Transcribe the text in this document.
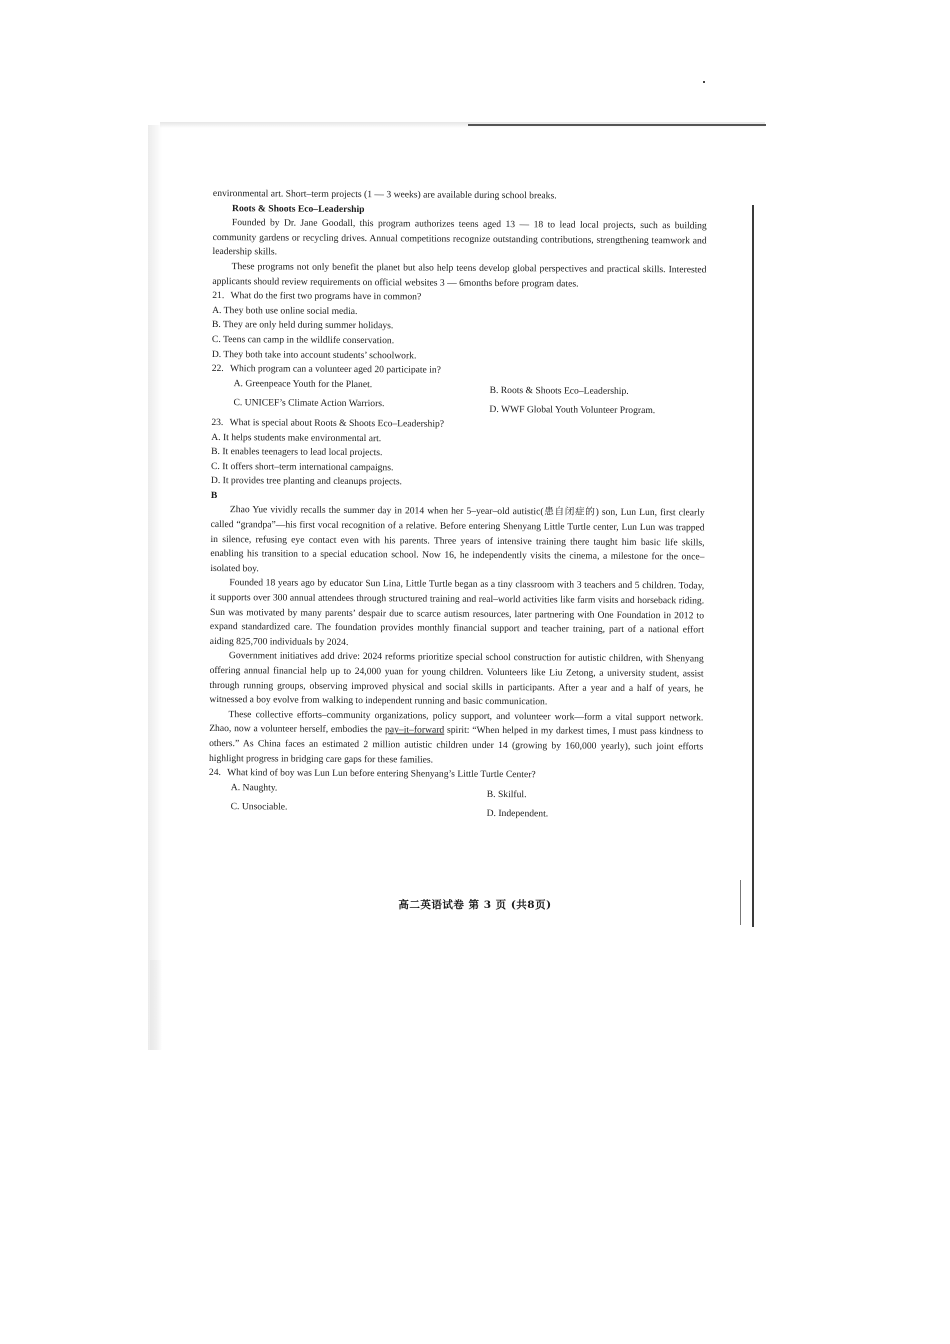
environmental art. Short–term projects (1 — 3 weeks) are available during school breaks.

Roots & Shoots Eco–Leadership

Founded by Dr. Jane Goodall, this program authorizes teens aged 13 — 18 to lead local projects, such as building community gardens or recycling drives. Annual competitions recognize outstanding contributions, strengthening teamwork and leadership skills.

These programs not only benefit the planet but also help teens develop global perspectives and practical skills. Interested applicants should review requirements on official websites 3 — 6months before program dates.

21. What do the first two programs have in common?

A. They both use online social media.

B. They are only held during summer holidays.

C. Teens can camp in the wildlife conservation.

D. They both take into account students’ schoolwork.

22. Which program can a volunteer aged 20 participate in?

A. Greenpeace Youth for the Planet.
B. Roots & Shoots Eco–Leadership.
C. UNICEF’s Climate Action Warriors.
D. WWF Global Youth Volunteer Program.

23. What is special about Roots & Shoots Eco–Leadership?

A. It helps students make environmental art.

B. It enables teenagers to lead local projects.

C. It offers short–term international campaigns.

D. It provides tree planting and cleanups projects.

B

Zhao Yue vividly recalls the summer day in 2014 when her 5–year–old autistic(患自闭症的) son, Lun Lun, first clearly called “grandpa”—his first vocal recognition of a relative. Before entering Shenyang Little Turtle center, Lun Lun was trapped in silence, refusing eye contact even with his parents. Three years of intensive training there taught him basic life skills, enabling his transition to a special education school. Now 16, he independently visits the cinema, a milestone for the once–isolated boy.

Founded 18 years ago by educator Sun Lina, Little Turtle began as a tiny classroom with 3 teachers and 5 children. Today, it supports over 300 annual attendees through structured training and real–world activities like farm visits and horseback riding. Sun was motivated by many parents’ despair due to scarce autism resources, later partnering with One Foundation in 2012 to expand standardized care. The foundation provides monthly financial support and teacher training, part of a national effort aiding 825,700 individuals by 2024.

Government initiatives add drive: 2024 reforms prioritize special school construction for autistic children, with Shenyang offering annual financial help up to 24,000 yuan for young children. Volunteers like Liu Zetong, a university student, assist through running groups, observing improved physical and social skills in participants. After a year and a half of years, he witnessed a boy evolve from walking to independent running and basic communication.

These collective efforts–community organizations, policy support, and volunteer work—form a vital support network. Zhao, now a volunteer herself, embodies the pay–it–forward spirit: “When helped in my darkest times, I must pass kindness to others.” As China faces an estimated 2 million autistic children under 14 (growing by 160,000 yearly), such joint efforts highlight progress in bridging care gaps for these families.

24. What kind of boy was Lun Lun before entering Shenyang’s Little Turtle Center?

A. Naughty.
B. Skilful.
C. Unsociable.
D. Independent.
高二英语试卷 第 3 页 (共8页)
